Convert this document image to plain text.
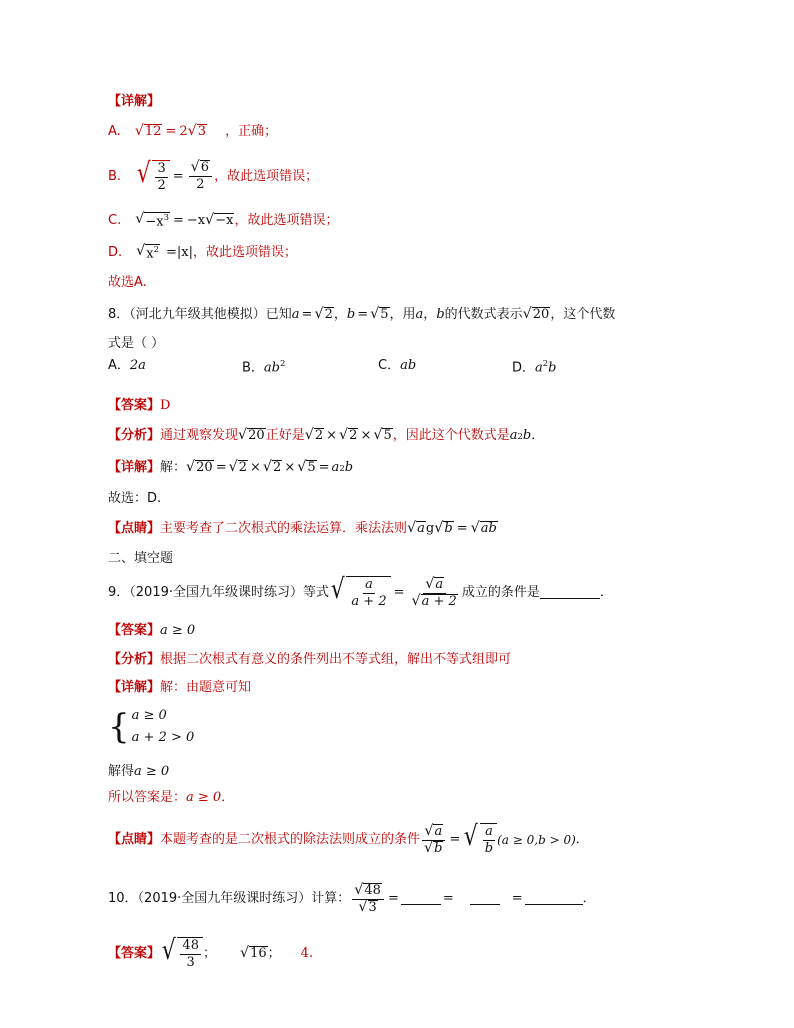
【详解】
A. √ 12 = 2 √ 3 ，正确；
B. √ $\frac{3}{2} = \frac{√ 6}{2}$ ，故此选项错误；
C. √ $-x^3 = -x$ √ −x ，故此选项错误；
D. √ $x^2 = |x|$ ，故此选项错误；
故选A.
8．（河北九年级其他模拟）已知 a = √ 2 ， b = √ 5 ，用 a ， b 的代数式表示 √ 20 ，这个代数
式是（ ）
A．2a	B．$ab^2$	C．ab	D．$a^2b$
【答案】 D
【分析】 通过观察发现 √ 20 正好是 √ 2 × √ 2 × √ 5 ，因此这个代数式是 a 2 b ．
【详解】 解： √ 20 = √ 2 × √ 2 × √ 5 = a 2 b
故选：D.
【点睛】 主要考查了二次根式的乘法运算．乘法法则 √ a g √ b = √ ab
二、填空题
9．（2019·全国九年级课时练习）等式 √ $\frac{a}{a + 2} = \frac{√ a}{√ a + 2}$ 成立的条件是	．
【答案】 a ≥ 0
【分析】 根据二次根式有意义的条件列出不等式组，解出不等式组即可
【详解】 解：由题意可知
{ a ≥ 0
a + 2 > 0
解得 a ≥ 0
所以答案是： a ≥ 0 ．
【点睛】 本题考查的是二次根式的除法法则成立的条件 $\frac{√ a}{√ b}$ = √ $\frac{a}{b} (a \ge 0,b > 0)$ ．
10．（2019·全国九年级课时练习）计算： $\frac{√ 48}{√ 3}$ =	=	=	．
【答案】 √ $\frac{48}{3}$ ； √ 16 ； 4.
